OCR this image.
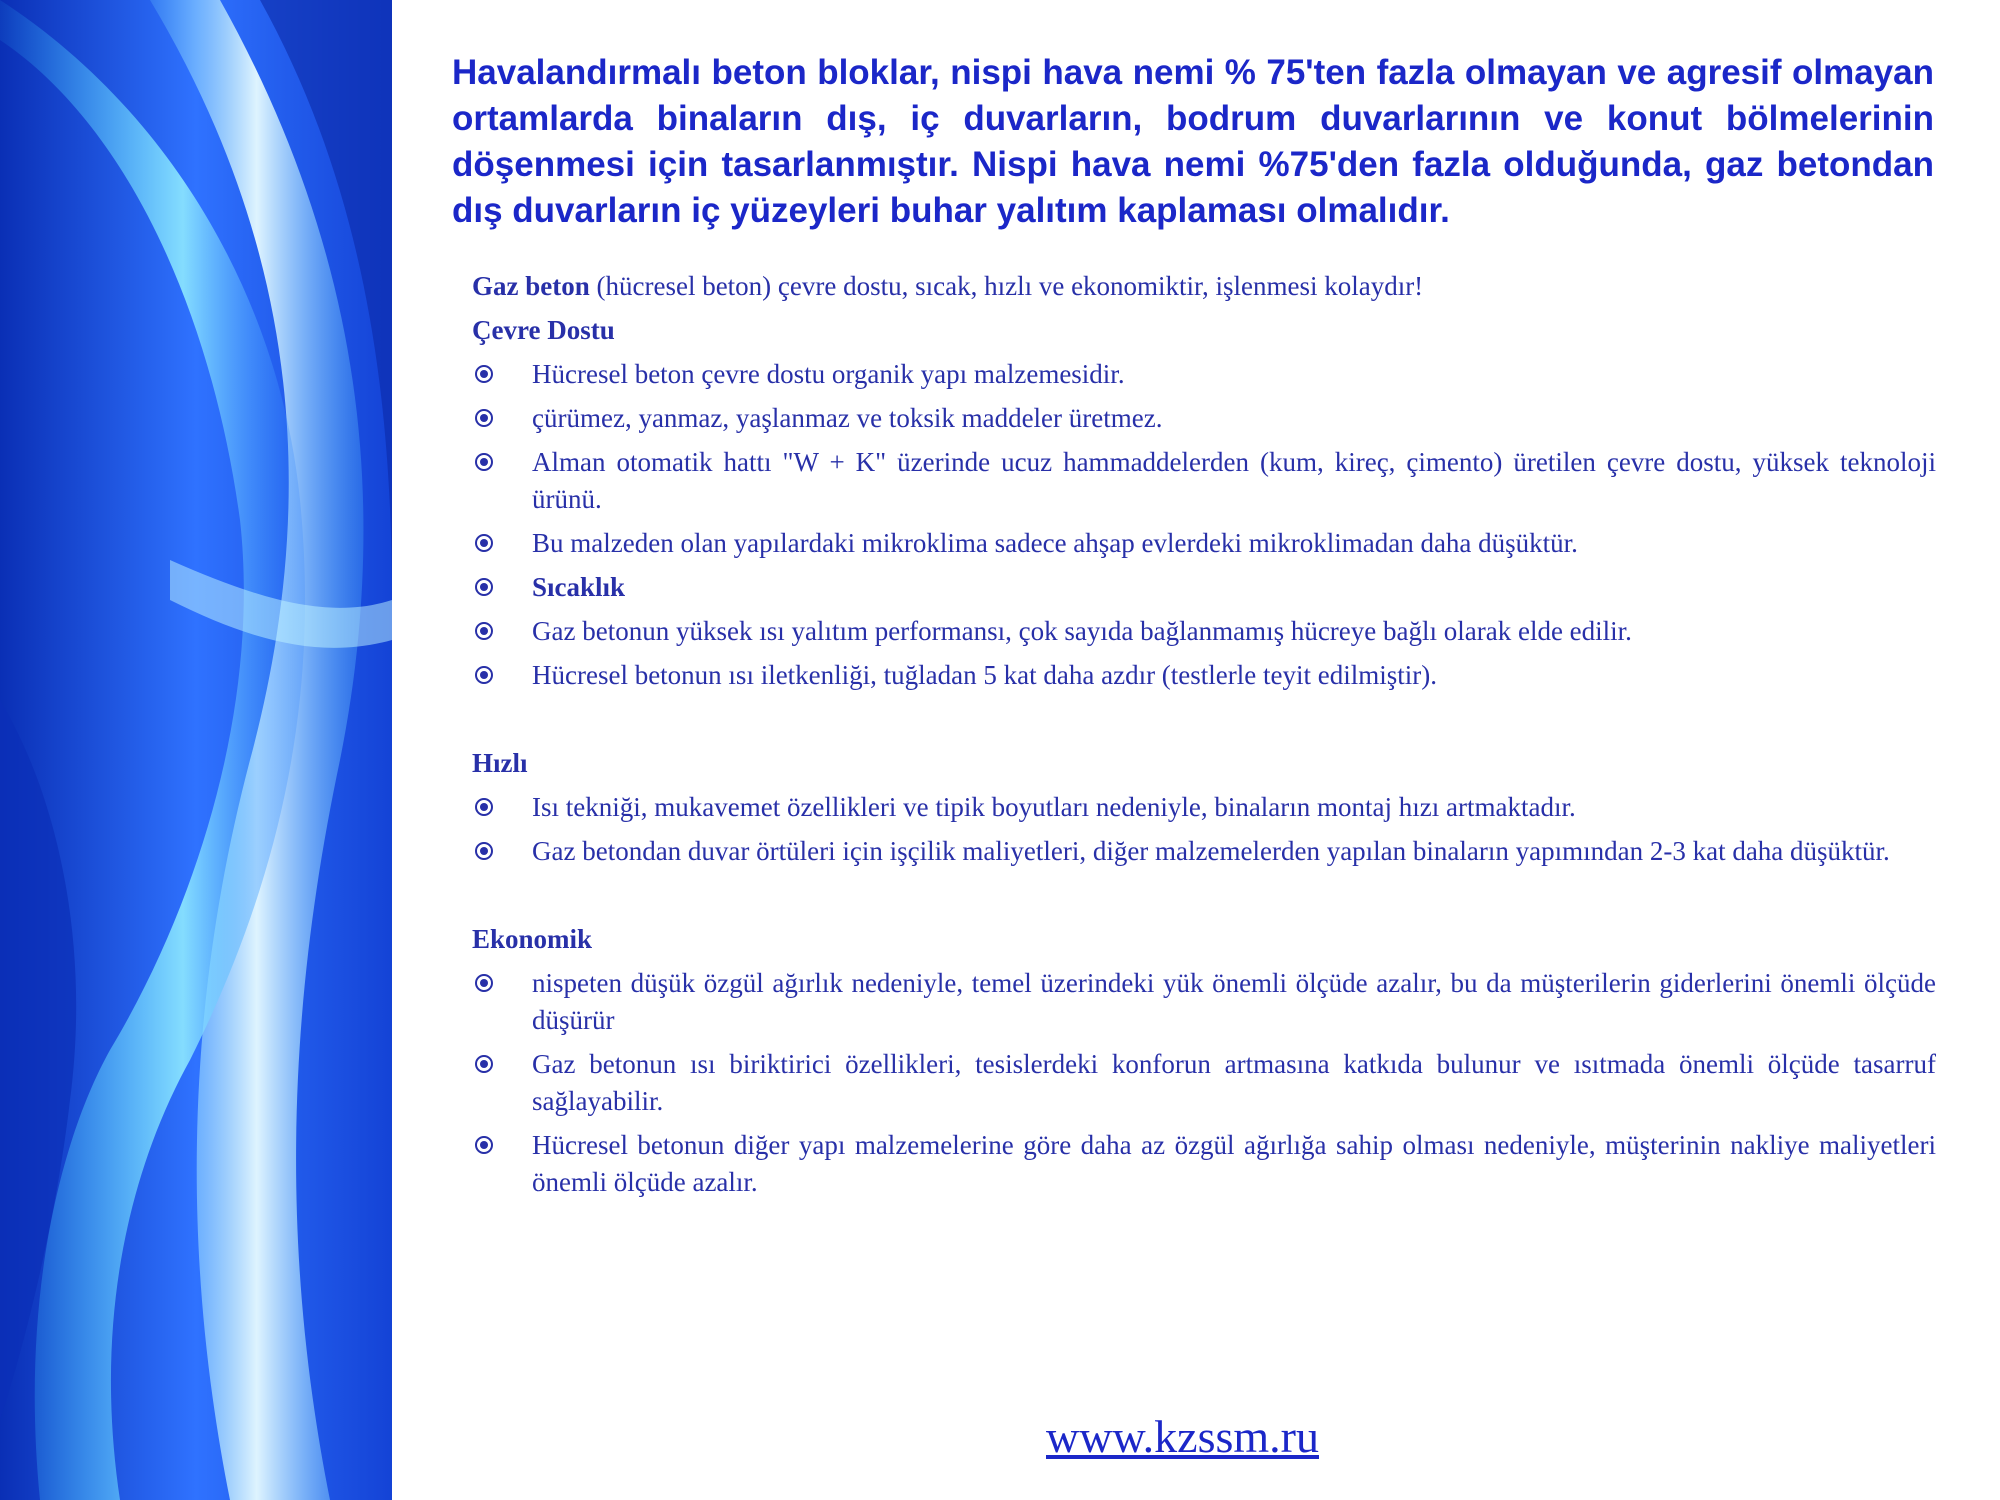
Havalandırmalı beton bloklar, nispi hava nemi % 75'ten fazla olmayan ve agresif olmayan ortamlarda binaların dış, iç duvarların, bodrum duvarlarının ve konut bölmelerinin döşenmesi için tasarlanmıştır. Nispi hava nemi %75'den fazla olduğunda, gaz betondan dış duvarların iç yüzeyleri buhar yalıtım kaplaması olmalıdır.

Gaz beton (hücresel beton) çevre dostu, sıcak, hızlı ve ekonomiktir, işlenmesi kolaydır!

Çevre Dostu

Hücresel beton çevre dostu organik yapı malzemesidir.
çürümez, yanmaz, yaşlanmaz ve toksik maddeler üretmez.
Alman otomatik hattı "W + K" üzerinde ucuz hammaddelerden (kum, kireç, çimento) üretilen çevre dostu, yüksek teknoloji ürünü.
Bu malzeden olan yapılardaki mikroklima sadece ahşap evlerdeki mikroklimadan daha düşüktür.
Sıcaklık
Gaz betonun yüksek ısı yalıtım performansı, çok sayıda bağlanmamış hücreye bağlı olarak elde edilir.
Hücresel betonun ısı iletkenliği, tuğladan 5 kat daha azdır (testlerle teyit edilmiştir).

Hızlı

Isı tekniği, mukavemet özellikleri ve tipik boyutları nedeniyle, binaların montaj hızı artmaktadır.
Gaz betondan duvar örtüleri için işçilik maliyetleri, diğer malzemelerden yapılan binaların yapımından 2-3 kat daha düşüktür.

Ekonomik

nispeten düşük özgül ağırlık nedeniyle, temel üzerindeki yük önemli ölçüde azalır, bu da müşterilerin giderlerini önemli ölçüde düşürür
Gaz betonun ısı biriktirici özellikleri, tesislerdeki konforun artmasına katkıda bulunur ve ısıtmada önemli ölçüde tasarruf sağlayabilir.
Hücresel betonun diğer yapı malzemelerine göre daha az özgül ağırlığa sahip olması nedeniyle, müşterinin nakliye maliyetleri önemli ölçüde azalır.
www.kzssm.ru
